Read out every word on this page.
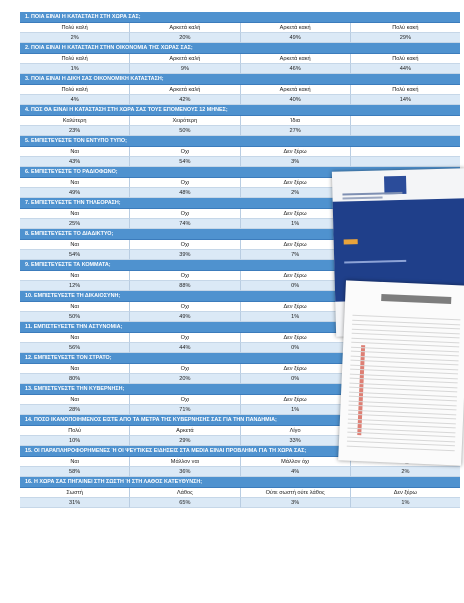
1. ΠΟΙΑ ΕΙΝΑΙ Η ΚΑΤΑΣΤΑΣΗ ΣΤΗ ΧΩΡΑ ΣΑΣ;
Πολύ καλή	Αρκετά καλή	Αρκετά κακή	Πολύ κακή
2%	20%	49%	29%
2. ΠΟΙΑ ΕΙΝΑΙ Η ΚΑΤΑΣΤΑΣΗ ΣΤΗΝ ΟΙΚΟΝΟΜΙΑ ΤΗΣ ΧΩΡΑΣ ΣΑΣ;
Πολύ καλή	Αρκετά καλή	Αρκετά κακή	Πολύ κακή
1%	9%	46%	44%
3. ΠΟΙΑ ΕΙΝΑΙ Η ΔΙΚΗ ΣΑΣ ΟΙΚΟΝΟΜΙΚΗ ΚΑΤΑΣΤΑΣΗ;
Πολύ καλή	Αρκετά καλή	Αρκετά κακή	Πολύ κακή
4%	42%	40%	14%
4. ΠΩΣ ΘΑ ΕΙΝΑΙ Η ΚΑΤΑΣΤΑΣΗ ΣΤΗ ΧΩΡΑ ΣΑΣ ΤΟΥΣ ΕΠΟΜΕΝΟΥΣ 12 ΜΗΝΕΣ;
Καλύτερη	Χειρότερη	Ίδια
23%	50%	27%
5. ΕΜΠΙΣΤΕΥΕΣΤΕ ΤΟΝ ΕΝΤΥΠΟ ΤΥΠΟ;
Ναι	Οχι	Δεν ξέρω
43%	54%	3%
6. ΕΜΠΙΣΤΕΥΕΣΤΕ ΤΟ ΡΑΔΙΟΦΩΝΟ;
Ναι	Οχι	Δεν ξέρω
49%	48%	2%
7. ΕΜΠΙΣΤΕΥΕΣΤΕ ΤΗΝ ΤΗΛΕΟΡΑΣΗ;
Ναι	Οχι	Δεν ξέρω
25%	74%	1%
8. ΕΜΠΙΣΤΕΥΕΣΤΕ ΤΟ ΔΙΑΔΙΚΤΥΟ;
Ναι	Οχι	Δεν ξέρω
54%	39%	7%
9. ΕΜΠΙΣΤΕΥΕΣΤΕ ΤΑ ΚΟΜΜΑΤΑ;
Ναι	Οχι	Δεν ξέρω
12%	88%	0%
10. ΕΜΠΙΣΤΕΥΕΣΤΕ ΤΗ ΔΙΚΑΙΟΣΥΝΗ;
Ναι	Οχι	Δεν ξέρω
50%	49%	1%
11. ΕΜΠΙΣΤΕΥΕΣΤΕ ΤΗΝ ΑΣΤΥΝΟΜΙΑ;
Ναι	Οχι	Δεν ξέρω
56%	44%	0%
12. ΕΜΠΙΣΤΕΥΕΣΤΕ ΤΟΝ ΣΤΡΑΤΟ;
Ναι	Οχι	Δεν ξέρω
80%	20%	0%
13. ΕΜΠΙΣΤΕΥΕΣΤΕ ΤΗΝ ΚΥΒΕΡΝΗΣΗ;
Ναι	Οχι	Δεν ξέρω
28%	71%	1%
14. ΠΟΣΟ ΙΚΑΝΟΠΟΙΗΜΕΝΟΣ ΕΙΣΤΕ ΑΠΟ ΤΑ ΜΕΤΡΑ ΤΗΣ ΚΥΒΕΡΝΗΣΗΣ ΣΑΣ ΓΙΑ ΤΗΝ ΠΑΝΔΗΜΙΑ;
Πολύ	Αρκετά	Λίγο
10%	29%	33%
15. ΟΙ ΠΑΡΑΠΛΗΡΟΦΟΡΗΜΕΝΕΣ Ή ΟΙ ΨΕΥΤΙΚΕΣ ΕΙΔΗΣΕΙΣ ΣΤΑ MEDIA ΕΙΝΑΙ ΠΡΟΒΛΗΜΑ ΓΙΑ ΤΗ ΧΩΡΑ ΣΑΣ;
Ναι	Μάλλον ναι	Μάλλον όχι
58%	36%	4%	2%
16. Η ΧΩΡΑ ΣΑΣ ΠΗΓΑΙΝΕΙ ΣΤΗ ΣΩΣΤΗ Ή ΣΤΗ ΛΑΘΟΣ ΚΑΤΕΥΘΥΝΣΗ;
Σωστή	Λάθος	Ούτε σωστή ούτε λάθος	Δεν ξέρω
31%	65%	3%	1%
